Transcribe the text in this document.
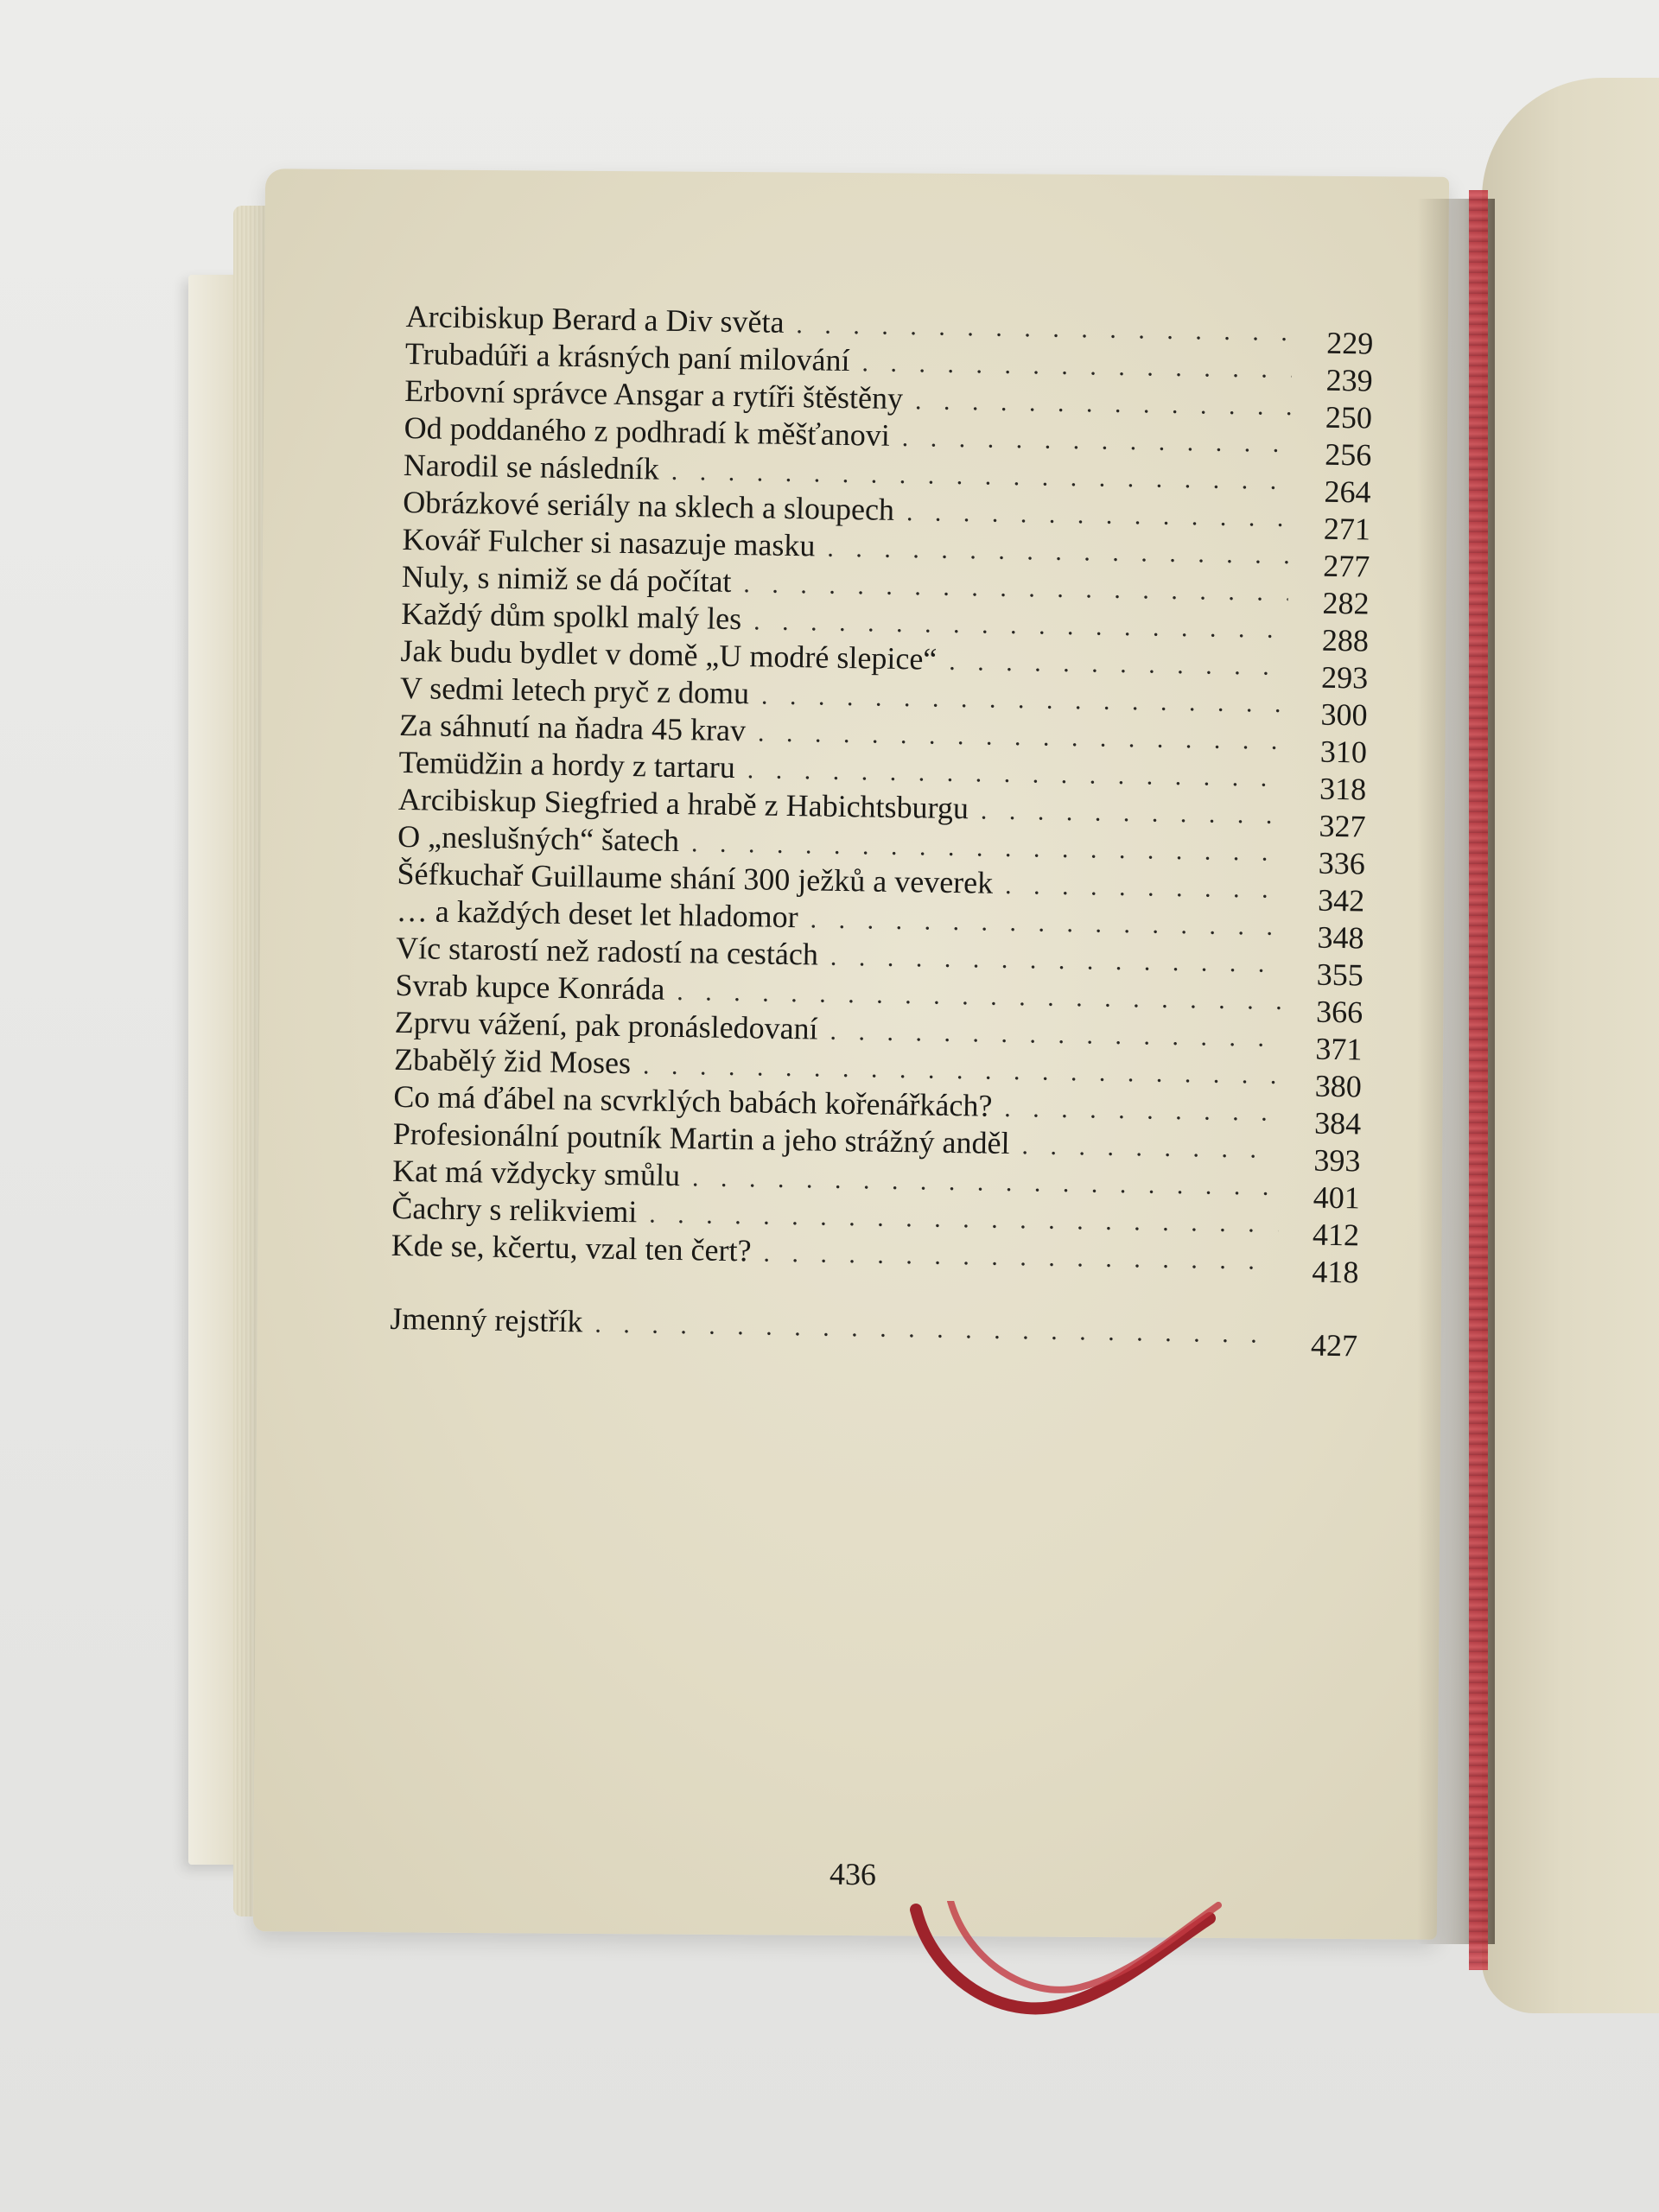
Arcibiskup Berard a Div světa
. . .
229
Trubadúři a krásných paní milování
. . .
239
Erbovní správce Ansgar a rytíři štěstěny
. . .
250
Od poddaného z podhradí k měšťanovi
. . .
256
Narodil se následník
. . .
264
Obrázkové seriály na sklech a sloupech
. . .
271
Kovář Fulcher si nasazuje masku
. . .
277
Nuly, s nimiž se dá počítat
. . .
282
Každý dům spolkl malý les
. . .
288
Jak budu bydlet v domě „U modré slepice“
. . .
293
V sedmi letech pryč z domu
. . .
300
Za sáhnutí na ňadra 45 krav
. . .
310
Temüdžin a hordy z tartaru
. . .
318
Arcibiskup Siegfried a hrabě z Habichtsburgu
. . .
327
O „neslušných“ šatech
. . .
336
Šéfkuchař Guillaume shání 300 ježků a veverek
. . .
342
… a každých deset let hladomor
. . .
348
Víc starostí než radostí na cestách
. . .
355
Svrab kupce Konráda
. . .
366
Zprvu vážení, pak pronásledovaní
. . .
371
Zbabělý žid Moses
. . .
380
Co má ďábel na scvrklých babách kořenářkách?
. . .
384
Profesionální poutník Martin a jeho strážný anděl
. . .	393
Kat má vždycky smůlu
. . .
401
Čachry s relikviemi
. . .
412
Kde se, kčertu, vzal ten čert?
. . .
418
Jmenný rejstřík
. . .
427
436
